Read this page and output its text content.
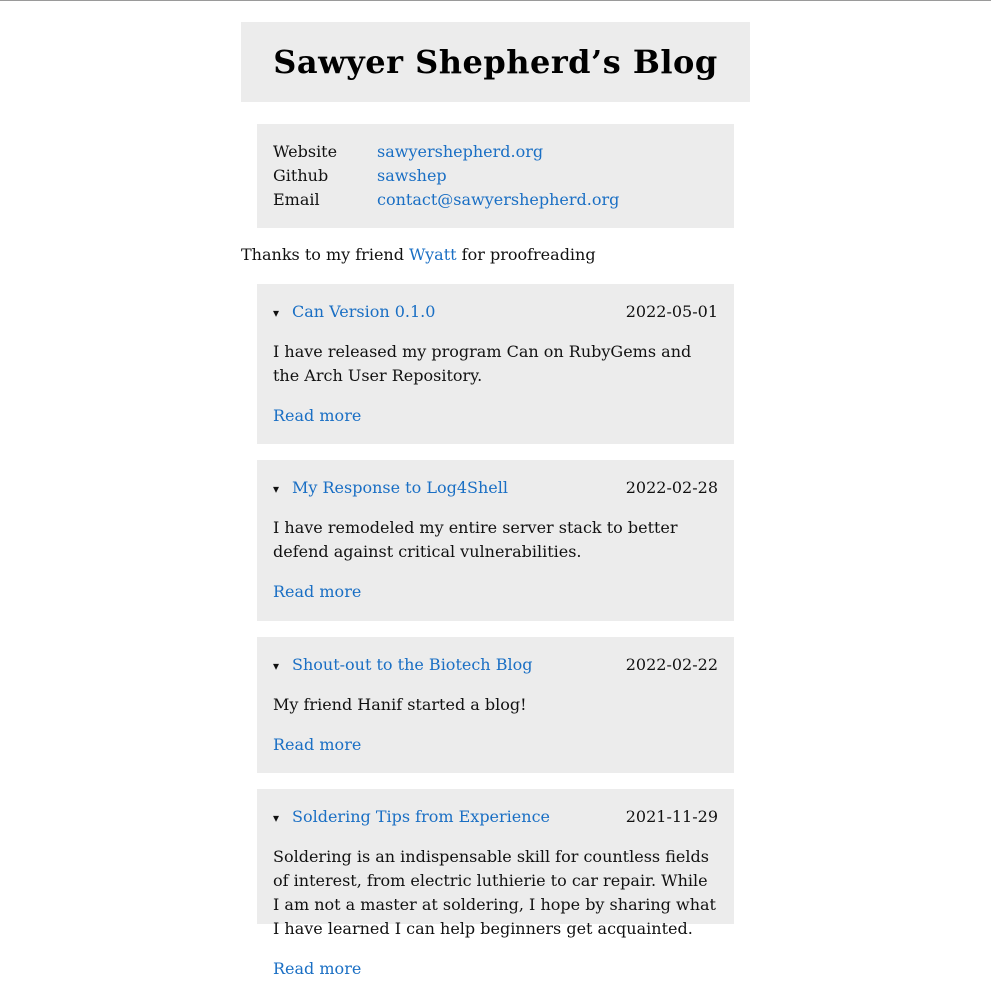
Sawyer Shepherd’s Blog
Website	sawyershepherd.org
Github	sawshep
Email	contact@sawyershepherd.org

Thanks to my friend Wyatt for proofreading

▾ Can Version 0.1.0	2022-05-01

I have released my program Can on RubyGems and the Arch User Repository.

Read more
▾ My Response to Log4Shell	2022-02-28

I have remodeled my entire server stack to better defend against critical vulnerabilities.

Read more
▾ Shout-out to the Biotech Blog	2022-02-22

My friend Hanif started a blog!

Read more
▾ Soldering Tips from Experience	2021-11-29

Soldering is an indispensable skill for countless fields of interest, from electric luthierie to car repair. While I am not a master at soldering, I hope by sharing what I have learned I can help beginners get acquainted.

Read more
